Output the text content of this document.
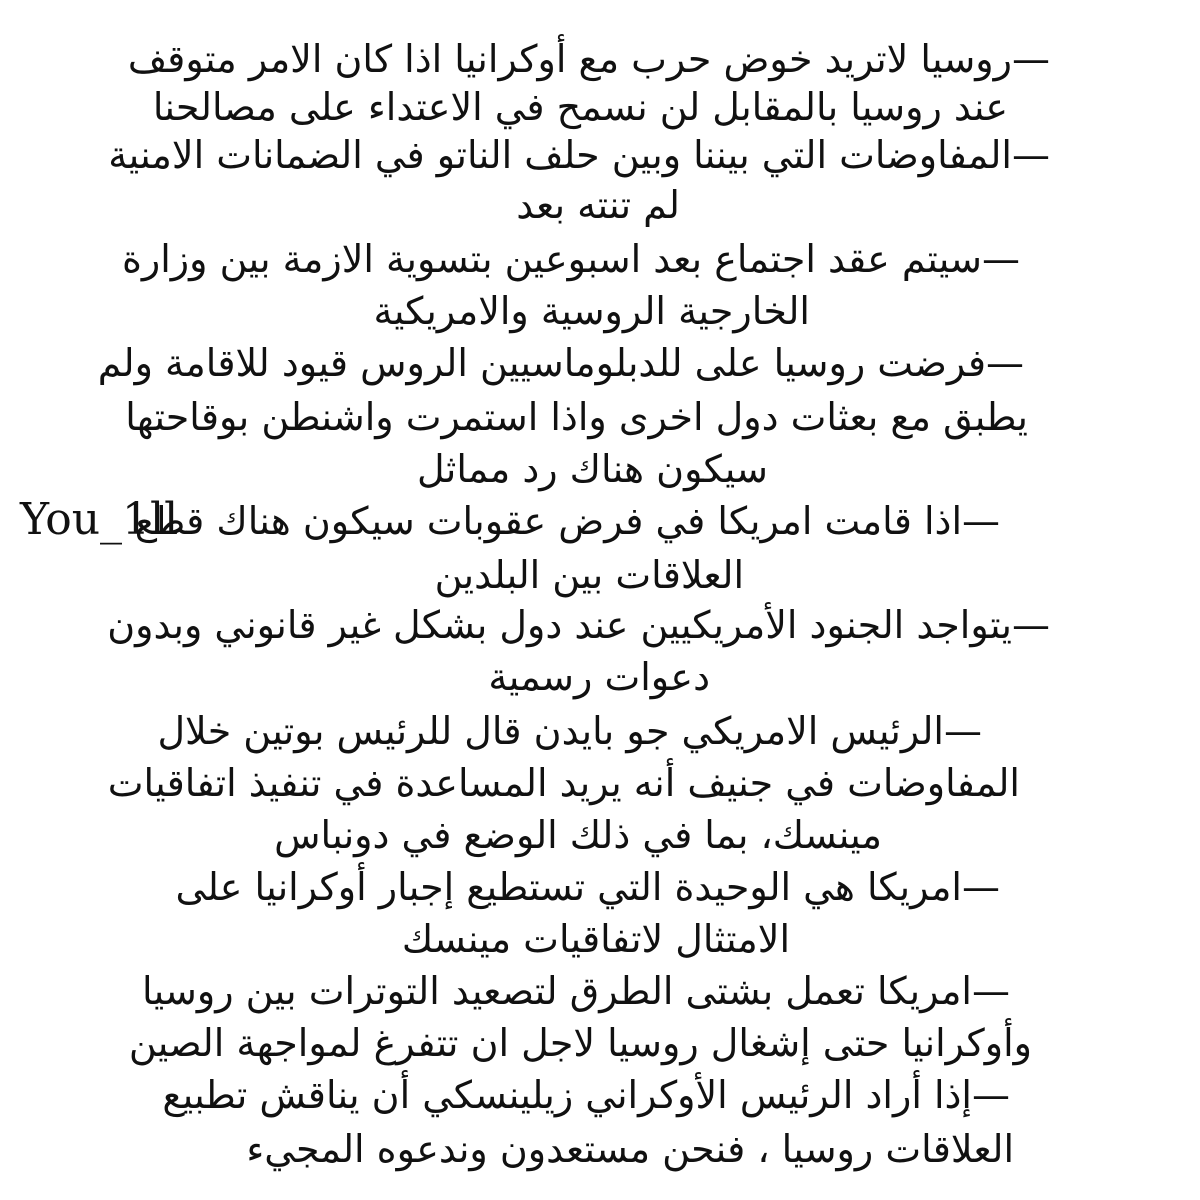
—روسيا لاتريد خوض حرب مع أوكرانيا اذا كان الامر متوقف
عند روسيا بالمقابل لن نسمح في الاعتداء على مصالحنا
—المفاوضات التي بيننا وبين حلف الناتو في الضمانات الامنية
لم تنته بعد
—سيتم عقد اجتماع بعد اسبوعين بتسوية الازمة بين وزارة
الخارجية الروسية والامريكية
—فرضت روسيا على للدبلوماسيين الروس قيود للاقامة ولم
يطبق مع بعثات دول اخرى واذا استمرت واشنطن بوقاحتها
سيكون هناك رد مماثل
—اذا قامت امريكا في فرض عقوبات سيكون هناك قطع
العلاقات بين البلدين
—يتواجد الجنود الأمريكيين عند دول بشكل غير قانوني وبدون
دعوات رسمية
—الرئيس الامريكي جو بايدن قال للرئيس بوتين خلال
المفاوضات في جنيف أنه يريد المساعدة في تنفيذ اتفاقيات
مينسك، بما في ذلك الوضع في دونباس
—امريكا هي الوحيدة التي تستطيع إجبار أوكرانيا على
الامتثال لاتفاقيات مينسك
—امريكا تعمل بشتى الطرق لتصعيد التوترات بين روسيا
وأوكرانيا حتى إشغال روسيا لاجل ان تتفرغ لمواجهة الصين
—إذا أراد الرئيس الأوكراني زيلينسكي أن يناقش تطبيع
العلاقات روسيا ، فنحن مستعدون وندعوه المجيء
You_1ll
